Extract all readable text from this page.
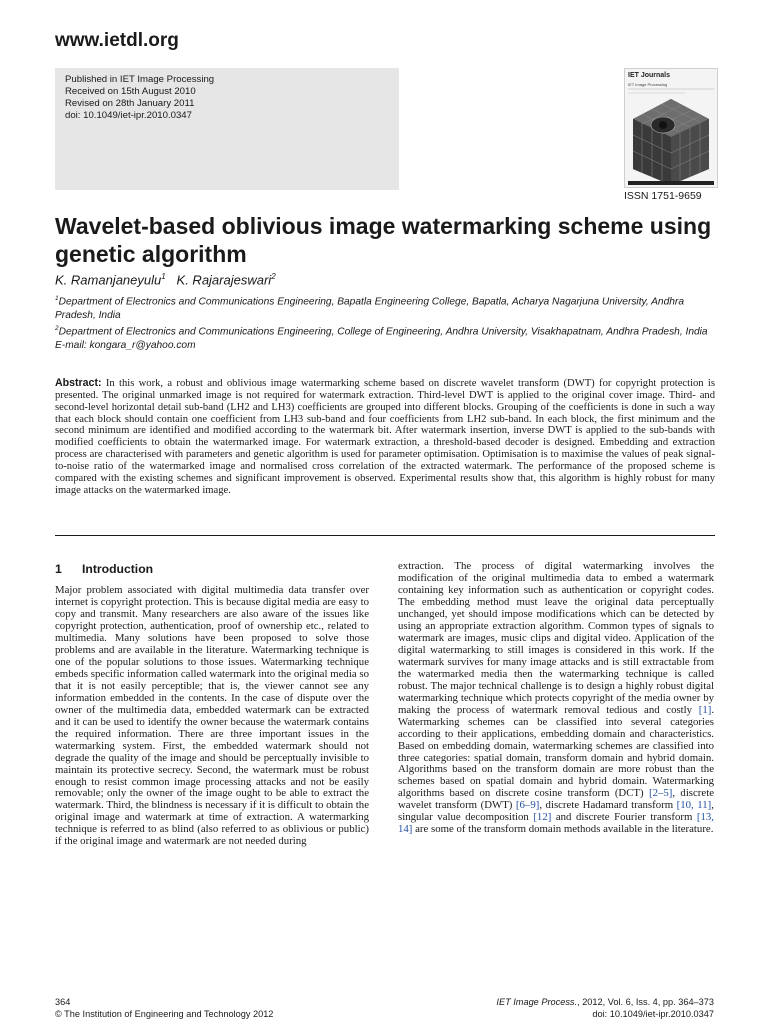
www.ietdl.org
Published in IET Image Processing
Received on 15th August 2010
Revised on 28th January 2011
doi: 10.1049/iet-ipr.2010.0347
IET Journals
IET Image Processing
ISSN 1751-9659
Wavelet-based oblivious image watermarking scheme using genetic algorithm
K. Ramanjaneyulu$^1$ K. Rajarajeswari$^2$

$^1$Department of Electronics and Communications Engineering, Bapatla Engineering College, Bapatla, Acharya Nagarjuna University, Andhra Pradesh, India

$^2$Department of Electronics and Communications Engineering, College of Engineering, Andhra University, Visakhapatnam, Andhra Pradesh, India

E-mail: kongara_r@yahoo.com

Abstract: In this work, a robust and oblivious image watermarking scheme based on discrete wavelet transform (DWT) for copyright protection is presented. The original unmarked image is not required for watermark extraction. Third-level DWT is applied to the original cover image. Third- and second-level horizontal detail sub-band (LH2 and LH3) coefficients are grouped into different blocks. Grouping of the coefficients is done in such a way that each block should contain one coefficient from LH3 sub-band and four coefficients from LH2 sub-band. In each block, the first minimum and the second minimum are identified and modified according to the watermark bit. After watermark insertion, inverse DWT is applied to the sub-bands with modified coefficients to obtain the watermarked image. For watermark extraction, a threshold-based decoder is designed. Embedding and extraction process are characterised with parameters and genetic algorithm is used for parameter optimisation. Optimisation is to maximise the values of peak signal-to-noise ratio of the watermarked image and normalised cross correlation of the extracted watermark. The performance of the proposed scheme is compared with the existing schemes and significant improvement is observed. Experimental results show that, this algorithm is highly robust for many image attacks on the watermarked image.
1 Introduction

Major problem associated with digital multimedia data transfer over internet is copyright protection. This is because digital media are easy to copy and transmit. Many researchers are also aware of the issues like copyright protection, authentication, proof of ownership etc., related to multimedia. Many solutions have been proposed to solve those problems and are available in the literature. Watermarking technique is one of the popular solutions to those issues. Watermarking technique embeds specific information called watermark into the original media so that it is not easily perceptible; that is, the viewer cannot see any information embedded in the contents. In the case of dispute over the owner of the multimedia data, embedded watermark can be extracted and it can be used to identify the owner because the watermark contains the required information. There are three important issues in the watermarking system. First, the embedded watermark should not degrade the quality of the image and should be perceptually invisible to maintain its protective secrecy. Second, the watermark must be robust enough to resist common image processing attacks and not be easily removable; only the owner of the image ought to be able to extract the watermark. Third, the blindness is necessary if it is difficult to obtain the original image and watermark at time of extraction. A watermarking technique is referred to as blind (also referred to as oblivious or public) if the original image and watermark are not needed during

extraction. The process of digital watermarking involves the modification of the original multimedia data to embed a watermark containing key information such as authentication or copyright codes. The embedding method must leave the original data perceptually unchanged, yet should impose modifications which can be detected by using an appropriate extraction algorithm. Common types of signals to watermark are images, music clips and digital video. Application of the digital watermarking to still images is considered in this work. If the watermark survives for many image attacks and is still extractable from the watermarked media then the watermarking technique is called robust. The major technical challenge is to design a highly robust digital watermarking technique which protects copyright of the media owner by making the process of watermark removal tedious and costly [1]. Watermarking schemes can be classified into several categories according to their applications, embedding domain and characteristics. Based on embedding domain, watermarking schemes are classified into three categories: spatial domain, transform domain and hybrid domain. Algorithms based on the transform domain are more robust than the schemes based on spatial domain and hybrid domain. Watermarking algorithms based on discrete cosine transform (DCT) [2–5], discrete wavelet transform (DWT) [6–9], discrete Hadamard transform [10, 11], singular value decomposition [12] and discrete Fourier transform [13, 14] are some of the transform domain methods available in the literature.

364
© The Institution of Engineering and Technology 2012
IET Image Process., 2012, Vol. 6, Iss. 4, pp. 364–373
doi: 10.1049/iet-ipr.2010.0347
